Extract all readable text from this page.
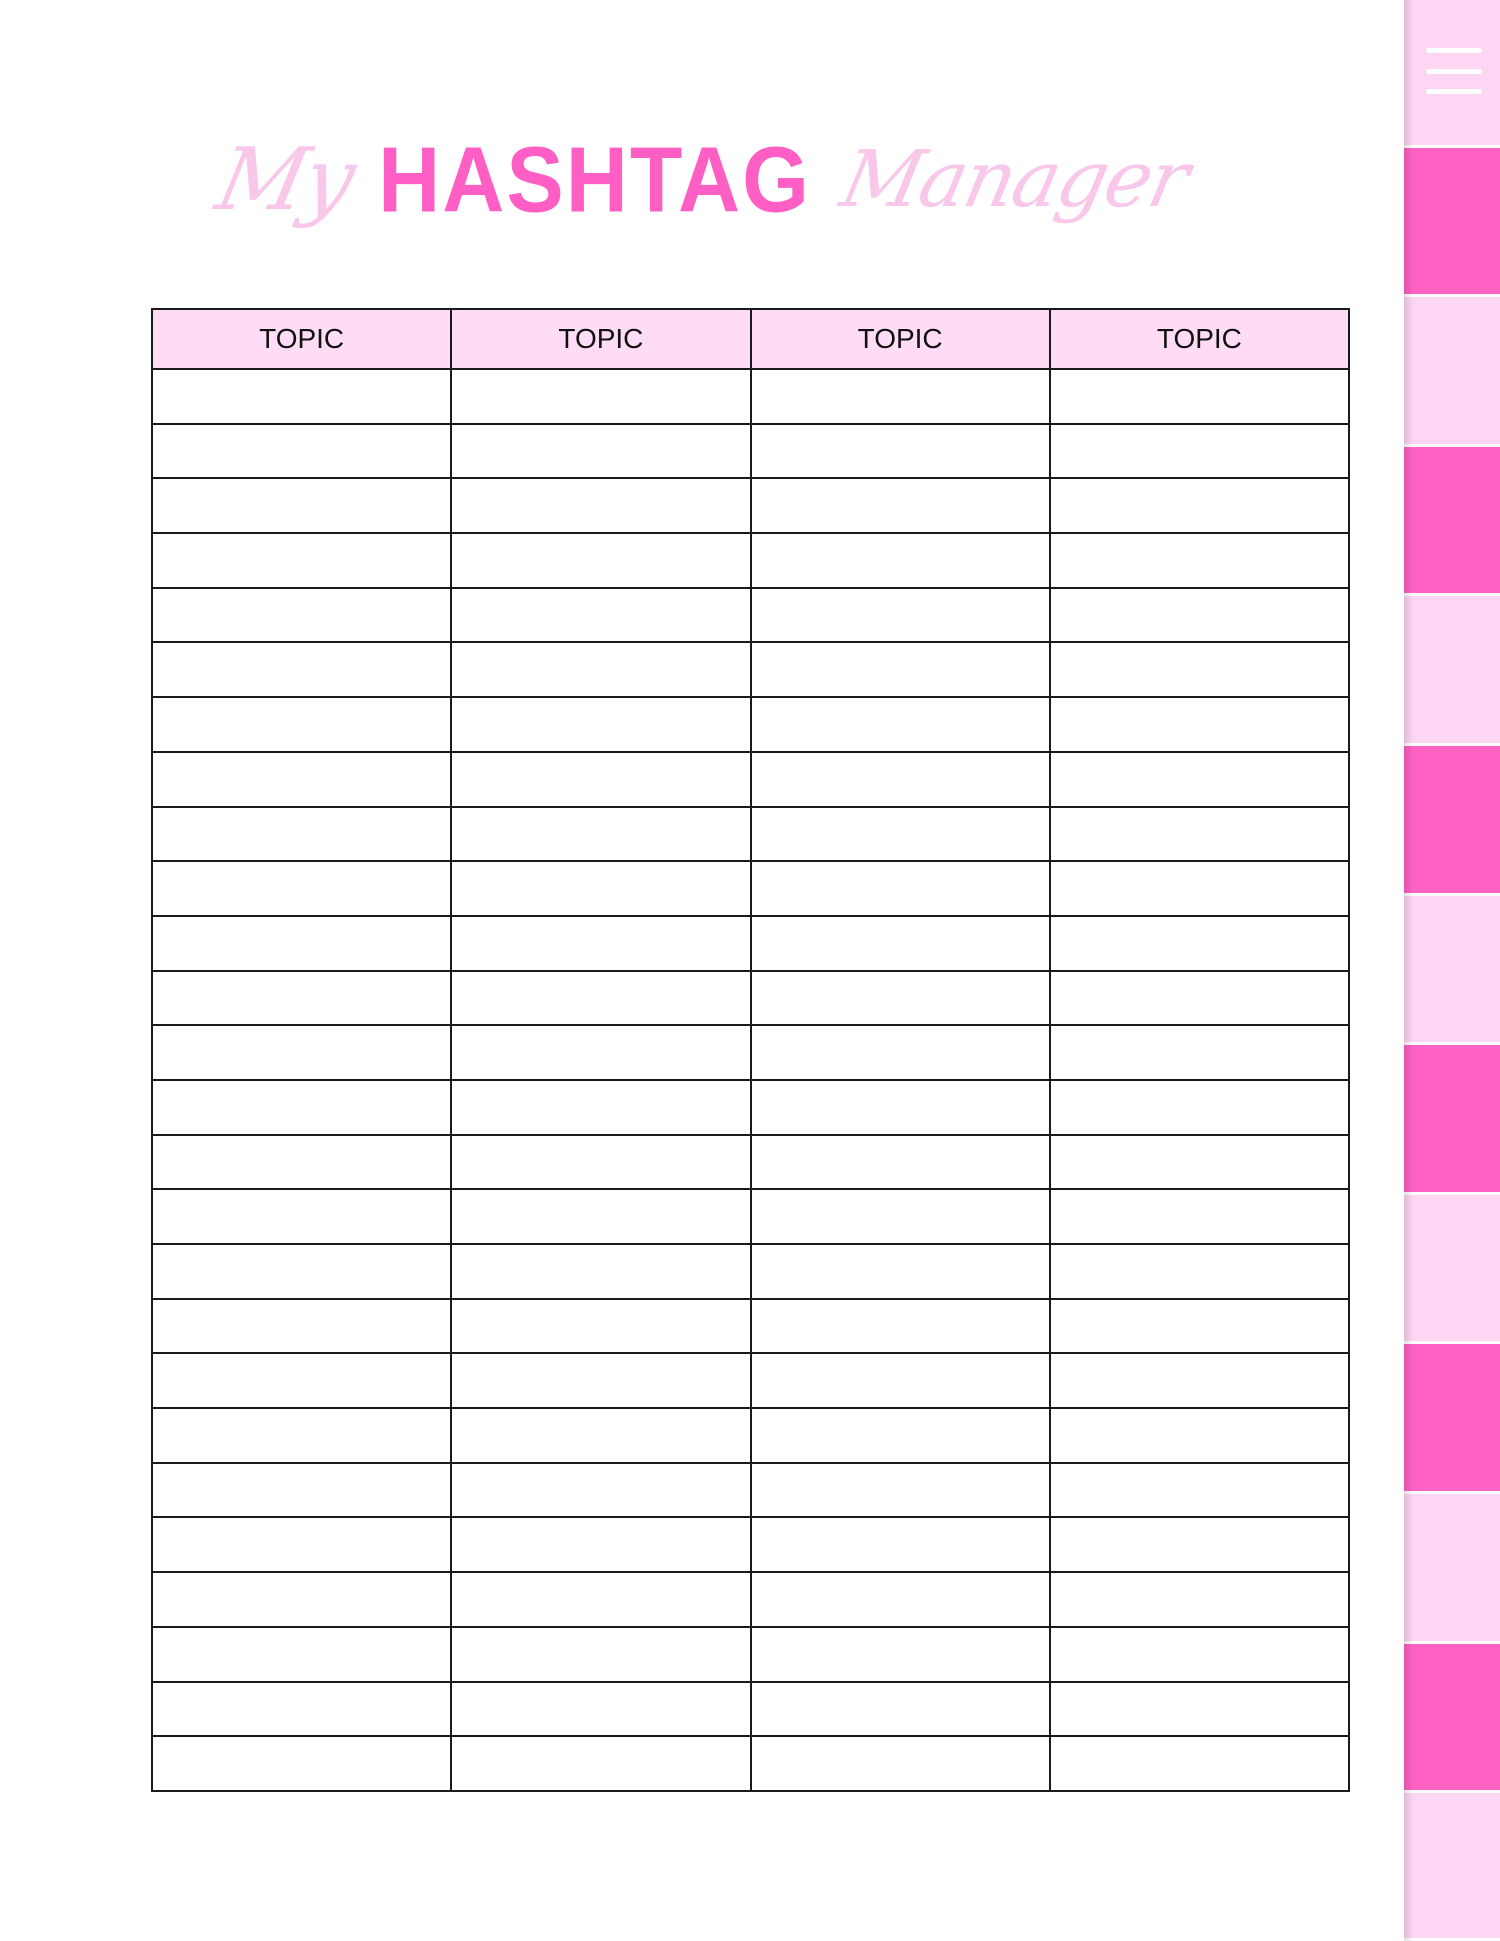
My HASHTAG Manager
TOPIC	TOPIC	TOPIC	TOPIC
